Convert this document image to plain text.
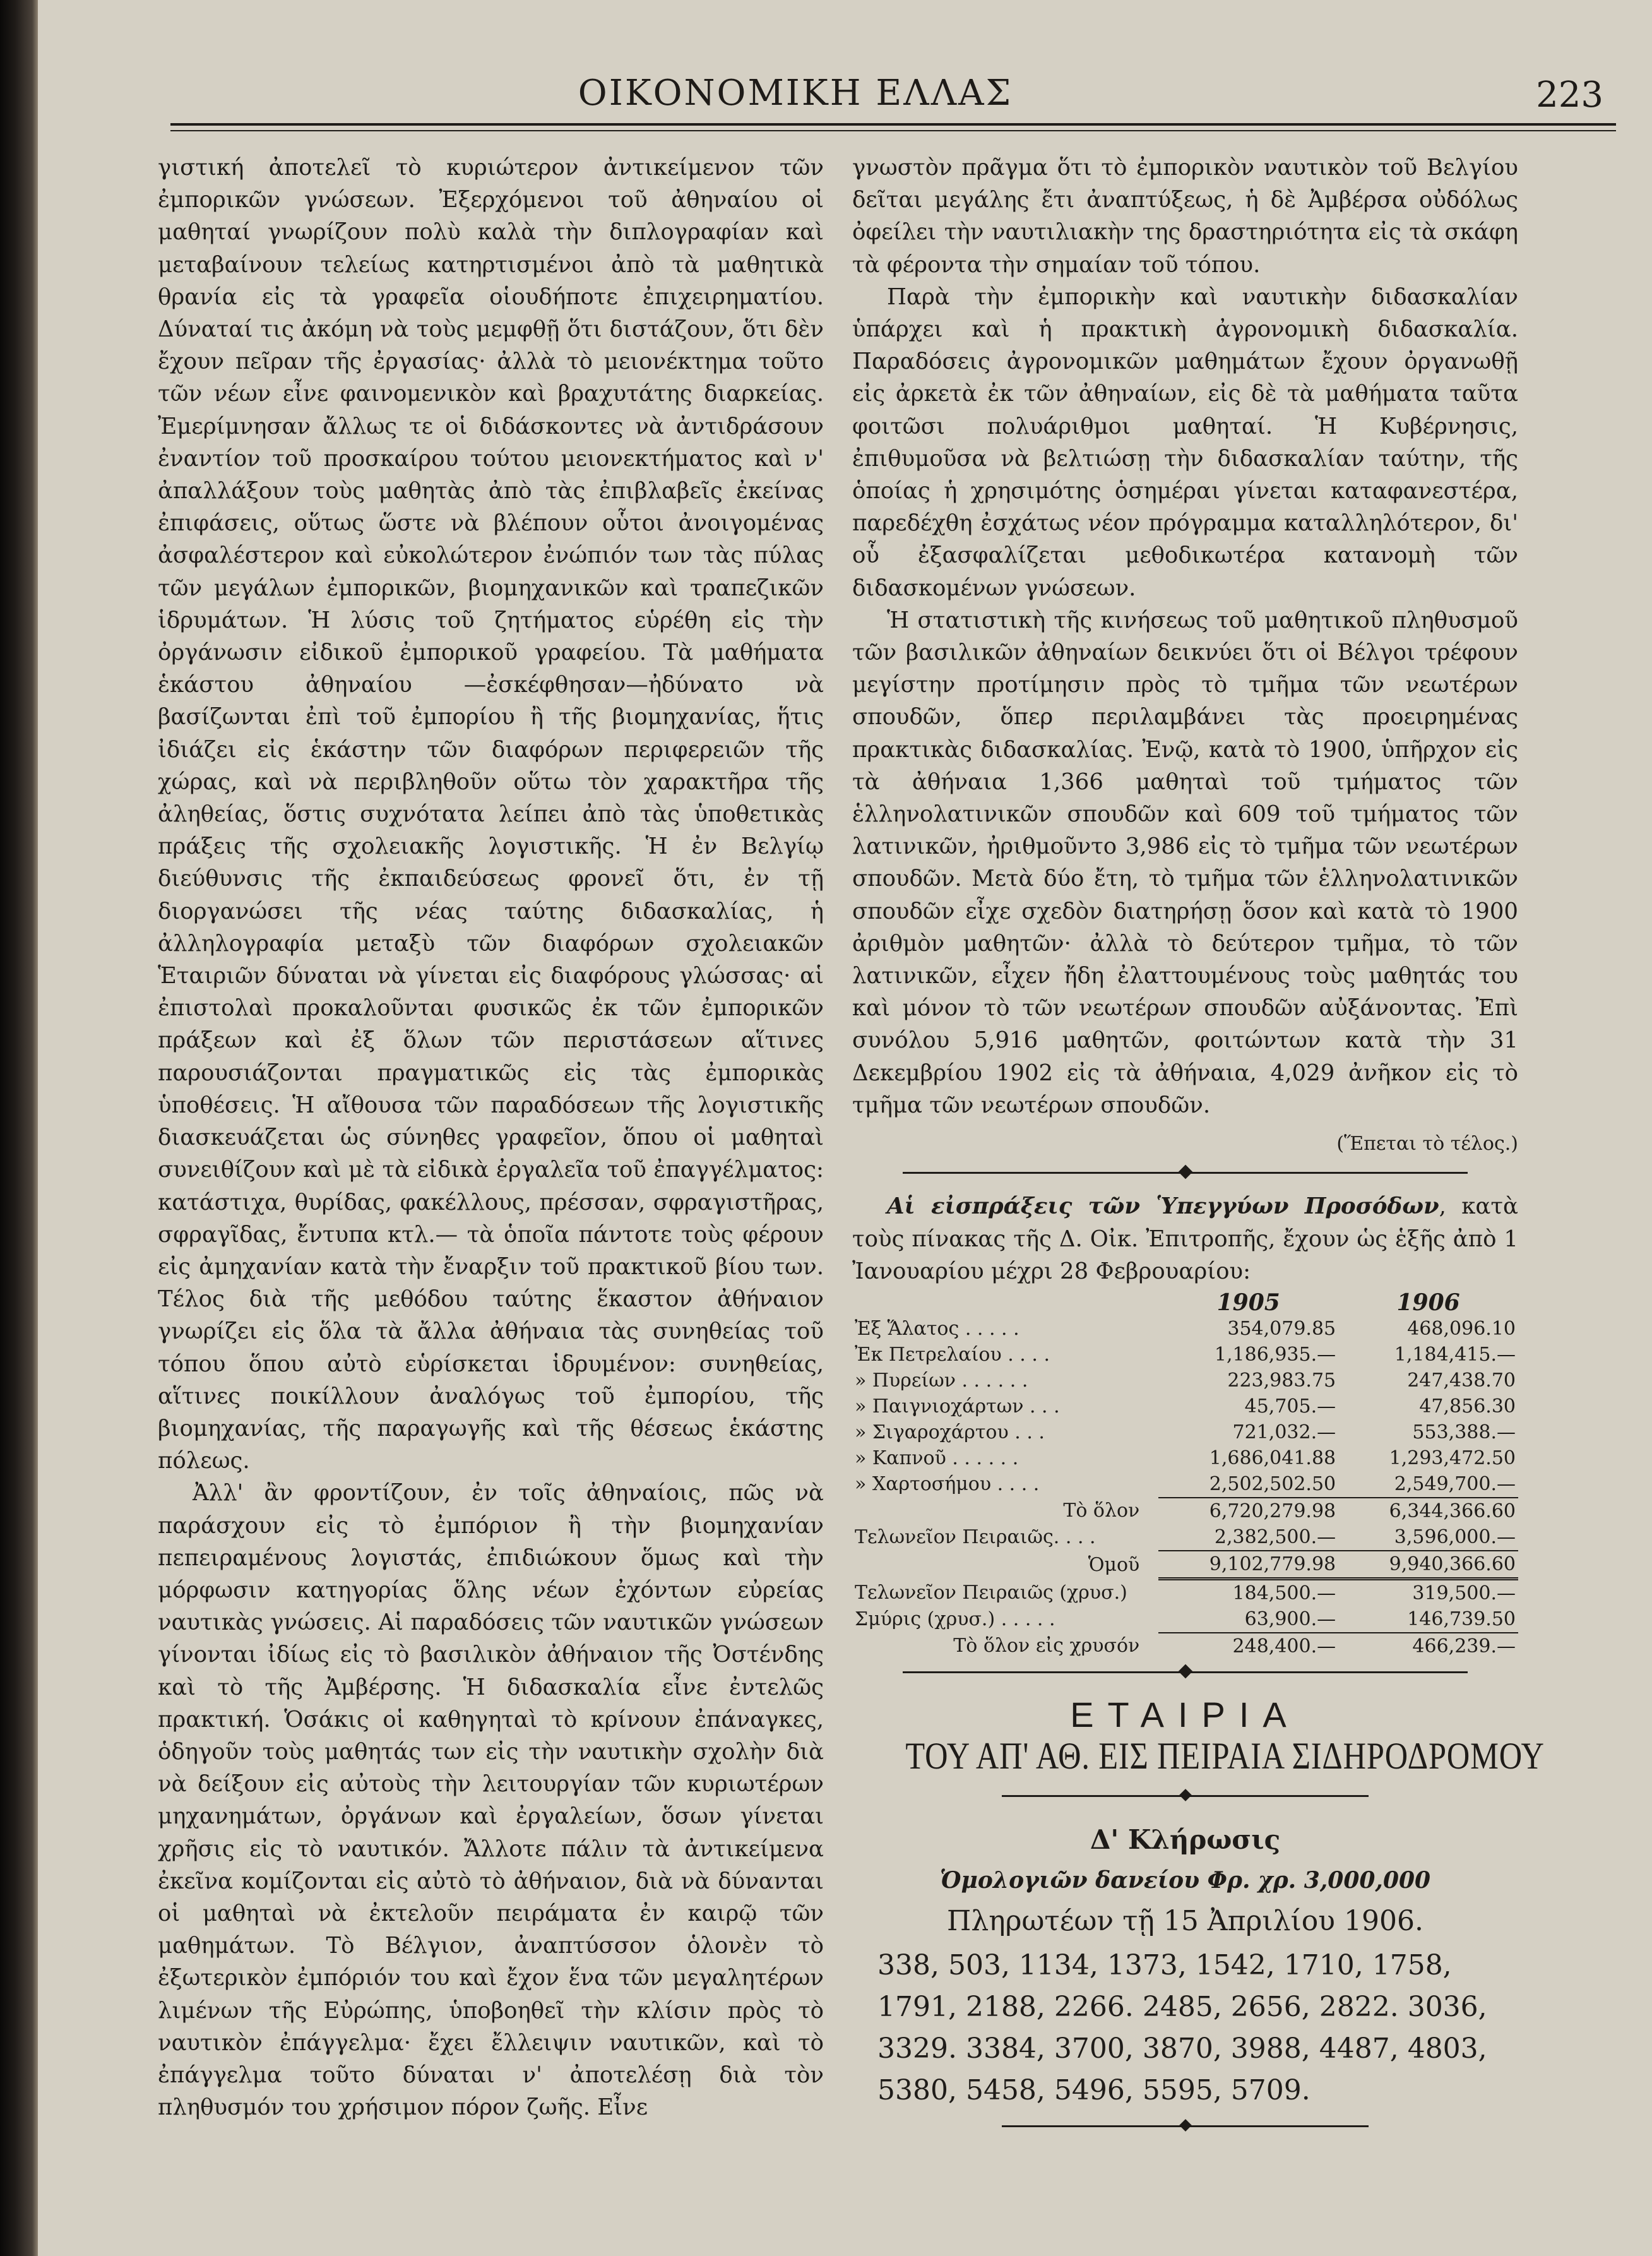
ΟΙΚΟΝΟΜΙΚΗ ΕΛΛΑΣ	223

γιστική ἀποτελεῖ τὸ κυριώτερον ἀντικείμενον τῶν ἐμπορικῶν γνώσεων. Ἐξερχόμενοι τοῦ ἀθηναίου οἱ μαθηταί γνωρίζουν πολὺ καλὰ τὴν διπλογραφίαν καὶ μεταβαίνουν τελείως κατηρτισμένοι ἀπὸ τὰ μαθητικὰ θρανία εἰς τὰ γραφεῖα οἱουδήποτε ἐπιχειρηματίου. Δύναταί τις ἀκόμη νὰ τοὺς μεμφθῇ ὅτι διστάζουν, ὅτι δὲν ἔχουν πεῖραν τῆς ἐργασίας· ἀλλὰ τὸ μειονέκτημα τοῦτο τῶν νέων εἶνε φαινομενικὸν καὶ βραχυτάτης διαρκείας. Ἐμερίμνησαν ἄλλως τε οἱ διδάσκοντες νὰ ἀντιδράσουν ἐναντίον τοῦ προσκαίρου τούτου μειονεκτήματος καὶ ν' ἀπαλλάξουν τοὺς μαθητὰς ἀπὸ τὰς ἐπιβλαβεῖς ἐκείνας ἐπιφάσεις, οὕτως ὥστε νὰ βλέπουν οὗτοι ἀνοιγομένας ἀσφαλέστερον καὶ εὐκολώτερον ἐνώπιόν των τὰς πύλας τῶν μεγάλων ἐμπορικῶν, βιομηχανικῶν καὶ τραπεζικῶν ἱδρυμάτων. Ἡ λύσις τοῦ ζητήματος εὑρέθη εἰς τὴν ὀργάνωσιν εἰδικοῦ ἐμπορικοῦ γραφείου. Τὰ μαθήματα ἑκάστου ἀθηναίου —ἐσκέφθησαν—ἠδύνατο νὰ βασίζωνται ἐπὶ τοῦ ἐμπορίου ἢ τῆς βιομηχανίας, ἥτις ἰδιάζει εἰς ἑκάστην τῶν διαφόρων περιφερειῶν τῆς χώρας, καὶ νὰ περιβληθοῦν οὕτω τὸν χαρακτῆρα τῆς ἀληθείας, ὅστις συχνότατα λείπει ἀπὸ τὰς ὑποθετικὰς πράξεις τῆς σχολειακῆς λογιστικῆς. Ἡ ἐν Βελγίῳ διεύθυνσις τῆς ἐκπαιδεύσεως φρονεῖ ὅτι, ἐν τῇ διοργανώσει τῆς νέας ταύτης διδασκαλίας, ἡ ἀλληλογραφία μεταξὺ τῶν διαφόρων σχολειακῶν Ἑταιριῶν δύναται νὰ γίνεται εἰς διαφόρους γλώσσας· αἱ ἐπιστολαὶ προκαλοῦνται φυσικῶς ἐκ τῶν ἐμπορικῶν πράξεων καὶ ἐξ ὅλων τῶν περιστάσεων αἵτινες παρουσιάζονται πραγματικῶς εἰς τὰς ἐμπορικὰς ὑποθέσεις. Ἡ αἴθουσα τῶν παραδόσεων τῆς λογιστικῆς διασκευάζεται ὡς σύνηθες γραφεῖον, ὅπου οἱ μαθηταὶ συνειθίζουν καὶ μὲ τὰ εἰδικὰ ἐργαλεῖα τοῦ ἐπαγγέλματος: κατάστιχα, θυρίδας, φακέλλους, πρέσσαν, σφραγιστῆρας, σφραγῖδας, ἔντυπα κτλ.— τὰ ὁποῖα πάντοτε τοὺς φέρουν εἰς ἀμηχανίαν κατὰ τὴν ἔναρξιν τοῦ πρακτικοῦ βίου των. Τέλος διὰ τῆς μεθόδου ταύτης ἕκαστον ἀθήναιον γνωρίζει εἰς ὅλα τὰ ἄλλα ἀθήναια τὰς συνηθείας τοῦ τόπου ὅπου αὐτὸ εὑρίσκεται ἱδρυμένον: συνηθείας, αἵτινες ποικίλλουν ἀναλόγως τοῦ ἐμπορίου, τῆς βιομηχανίας, τῆς παραγωγῆς καὶ τῆς θέσεως ἑκάστης πόλεως.

Ἀλλ' ἂν φροντίζουν, ἐν τοῖς ἀθηναίοις, πῶς νὰ παράσχουν εἰς τὸ ἐμπόριον ἢ τὴν βιομηχανίαν πεπειραμένους λογιστάς, ἐπιδιώκουν ὅμως καὶ τὴν μόρφωσιν κατηγορίας ὅλης νέων ἐχόντων εὐρείας ναυτικὰς γνώσεις. Αἱ παραδόσεις τῶν ναυτικῶν γνώσεων γίνονται ἰδίως εἰς τὸ βασιλικὸν ἀθήναιον τῆς Ὀστένδης καὶ τὸ τῆς Ἀμβέρσης. Ἡ διδασκαλία εἶνε ἐντελῶς πρακτική. Ὁσάκις οἱ καθηγηταὶ τὸ κρίνουν ἐπάναγκες, ὁδηγοῦν τοὺς μαθητάς των εἰς τὴν ναυτικὴν σχολὴν διὰ νὰ δείξουν εἰς αὐτοὺς τὴν λειτουργίαν τῶν κυριωτέρων μηχανημάτων, ὀργάνων καὶ ἐργαλείων, ὅσων γίνεται χρῆσις εἰς τὸ ναυτικόν. Ἄλλοτε πάλιν τὰ ἀντικείμενα ἐκεῖνα κομίζονται εἰς αὐτὸ τὸ ἀθήναιον, διὰ νὰ δύνανται οἱ μαθηταὶ νὰ ἐκτελοῦν πειράματα ἐν καιρῷ τῶν μαθημάτων. Τὸ Βέλγιον, ἀναπτύσσον ὁλονὲν τὸ ἐξωτερικὸν ἐμπόριόν του καὶ ἔχον ἕνα τῶν μεγαλητέρων λιμένων τῆς Εὐρώπης, ὑποβοηθεῖ τὴν κλίσιν πρὸς τὸ ναυτικὸν ἐπάγγελμα· ἔχει ἔλλειψιν ναυτικῶν, καὶ τὸ ἐπάγγελμα τοῦτο δύναται ν' ἀποτελέσῃ διὰ τὸν πληθυσμόν του χρήσιμον πόρον ζωῆς. Εἶνε

γνωστὸν πρᾶγμα ὅτι τὸ ἐμπορικὸν ναυτικὸν τοῦ Βελγίου δεῖται μεγάλης ἔτι ἀναπτύξεως, ἡ δὲ Ἀμβέρσα οὐδόλως ὀφείλει τὴν ναυτιλιακὴν της δραστηριότητα εἰς τὰ σκάφη τὰ φέροντα τὴν σημαίαν τοῦ τόπου.

Παρὰ τὴν ἐμπορικὴν καὶ ναυτικὴν διδασκαλίαν ὑπάρχει καὶ ἡ πρακτικὴ ἀγρονομικὴ διδασκαλία. Παραδόσεις ἀγρονομικῶν μαθημάτων ἔχουν ὀργανωθῇ εἰς ἀρκετὰ ἐκ τῶν ἀθηναίων, εἰς δὲ τὰ μαθήματα ταῦτα φοιτῶσι πολυάριθμοι μαθηταί. Ἡ Κυβέρνησις, ἐπιθυμοῦσα νὰ βελτιώσῃ τὴν διδασκαλίαν ταύτην, τῆς ὁποίας ἡ χρησιμότης ὁσημέραι γίνεται καταφανεστέρα, παρεδέχθη ἐσχάτως νέον πρόγραμμα καταλληλότερον, δι' οὗ ἐξασφαλίζεται μεθοδικωτέρα κατανομὴ τῶν διδασκομένων γνώσεων.

Ἡ στατιστικὴ τῆς κινήσεως τοῦ μαθητικοῦ πληθυσμοῦ τῶν βασιλικῶν ἀθηναίων δεικνύει ὅτι οἱ Βέλγοι τρέφουν μεγίστην προτίμησιν πρὸς τὸ τμῆμα τῶν νεωτέρων σπουδῶν, ὅπερ περιλαμβάνει τὰς προειρημένας πρακτικὰς διδασκαλίας. Ἐνῷ, κατὰ τὸ 1900, ὑπῆρχον εἰς τὰ ἀθήναια 1,366 μαθηταὶ τοῦ τμήματος τῶν ἑλληνολατινικῶν σπουδῶν καὶ 609 τοῦ τμήματος τῶν λατινικῶν, ἠριθμοῦντο 3,986 εἰς τὸ τμῆμα τῶν νεωτέρων σπουδῶν. Μετὰ δύο ἔτη, τὸ τμῆμα τῶν ἑλληνολατινικῶν σπουδῶν εἶχε σχεδὸν διατηρήσῃ ὅσον καὶ κατὰ τὸ 1900 ἀριθμὸν μαθητῶν· ἀλλὰ τὸ δεύτερον τμῆμα, τὸ τῶν λατινικῶν, εἶχεν ἤδη ἐλαττουμένους τοὺς μαθητάς του καὶ μόνον τὸ τῶν νεωτέρων σπουδῶν αὐξάνοντας. Ἐπὶ συνόλου 5,916 μαθητῶν, φοιτώντων κατὰ τὴν 31 Δεκεμβρίου 1902 εἰς τὰ ἀθήναια, 4,029 ἀνῆκον εἰς τὸ τμῆμα τῶν νεωτέρων σπουδῶν.

(Ἕπεται τὸ τέλος.)

Αἱ εἰσπράξεις τῶν Ὑπεγγύων Προσόδων, κατὰ τοὺς πίνακας τῆς Δ. Οἰκ. Ἐπιτροπῆς, ἔχουν ὡς ἑξῆς ἀπὸ 1 Ἰανουαρίου μέχρι 28 Φεβρουαρίου:

	1905	1906
Ἐξ Ἅλατος . . . . .	354,079.85	468,096.10
Ἐκ Πετρελαίου . . . .	1,186,935.—	1,184,415.—
» Πυρείων . . . . . .	223,983.75	247,438.70
» Παιγνιοχάρτων . . .	45,705.—	47,856.30
» Σιγαροχάρτου . . .	721,032.—	553,388.—
» Καπνοῦ . . . . . .	1,686,041.88	1,293,472.50
» Χαρτοσήμου . . . .	2,502,502.50	2,549,700.—
Τὸ ὅλον	6,720,279.98	6,344,366.60
Τελωνεῖον Πειραιῶς. . . .	2,382,500.—	3,596,000.—
Ὁμοῦ	9,102,779.98	9,940,366.60
Τελωνεῖον Πειραιῶς (χρυσ.)	184,500.—	319,500.—
Σμύρις (χρυσ.) . . . . .	63,900.—	146,739.50
Τὸ ὅλον εἰς χρυσόν	248,400.—	466,239.—

ΕΤΑΙΡΙΑ

ΤΟΥ ΑΠ' ΑΘ. ΕΙΣ ΠΕΙΡΑΙΑ ΣΙΔΗΡΟΔΡΟΜΟΥ

Δ' Κλήρωσις

Ὁμολογιῶν δανείου Φρ. χρ. 3,000,000

Πληρωτέων τῇ 15 Ἀπριλίου 1906.

338, 503, 1134, 1373, 1542, 1710, 1758,
1791, 2188, 2266. 2485, 2656, 2822. 3036,
3329. 3384, 3700, 3870, 3988, 4487, 4803,
5380, 5458, 5496, 5595, 5709.
